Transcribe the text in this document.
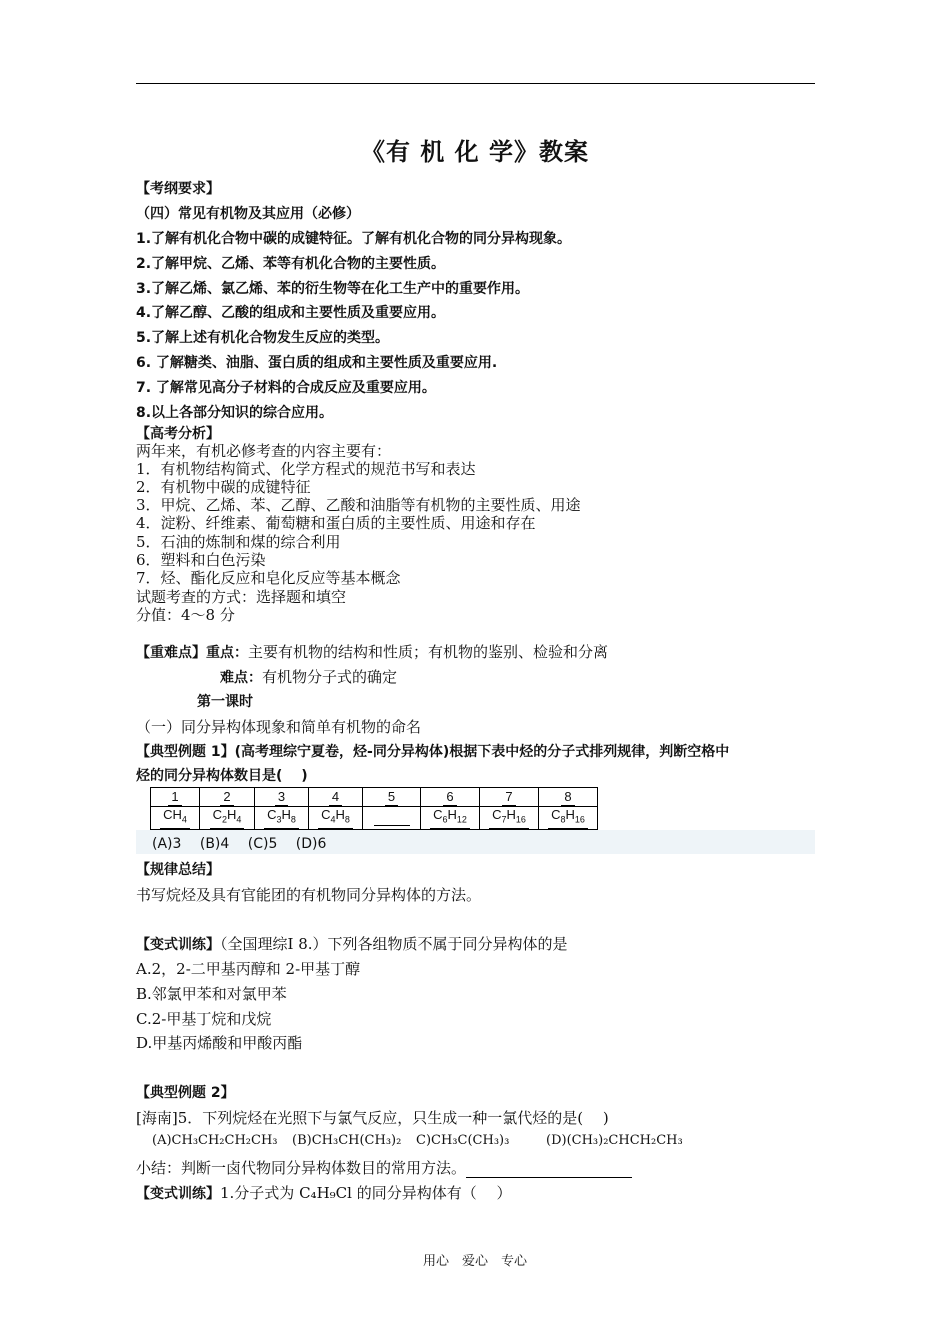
《有 机 化 学》教案
【考纲要求】
（四）常见有机物及其应用（必修）
1.了解有机化合物中碳的成键特征。了解有机化合物的同分异构现象。
2.了解甲烷、乙烯、苯等有机化合物的主要性质。
3.了解乙烯、氯乙烯、苯的衍生物等在化工生产中的重要作用。
4.了解乙醇、乙酸的组成和主要性质及重要应用。
5.了解上述有机化合物发生反应的类型。
6. 了解糖类、油脂、蛋白质的组成和主要性质及重要应用.
7. 了解常见高分子材料的合成反应及重要应用。
8.以上各部分知识的综合应用。
【高考分析】
两年来，有机必修考查的内容主要有：
1．有机物结构简式、化学方程式的规范书写和表达
2．有机物中碳的成键特征
3．甲烷、乙烯、苯、乙醇、乙酸和油脂等有机物的主要性质、用途
4．淀粉、纤维素、葡萄糖和蛋白质的主要性质、用途和存在
5．石油的炼制和煤的综合利用
6．塑料和白色污染
7．烃、酯化反应和皂化反应等基本概念
试题考查的方式：选择题和填空
分值：4～8 分
【重难点】重点：主要有机物的结构和性质；有机物的鉴别、检验和分离
难点：有机物分子式的确定
第一课时
（一）同分异构体现象和简单有机物的命名
【典型例题 1】(高考理综宁夏卷，烃-同分异构体)根据下表中烃的分子式排列规律，判断空格中
烃的同分异构体数目是(　 )
1	2	3	4	5	6	7	8
$CH_4$	$C_2H_4$	$C_3H_8$	$C_4H_8$		$C_6H_{12}$	$C_7H_{16}$	$C_8H_{16}$
(A)3　 (B)4　 (C)5　 (D)6
【规律总结】
书写烷烃及具有官能团的有机物同分异构体的方法。
【变式训练】（全国理综Ⅰ 8.）下列各组物质不属于同分异构体的是
A.2，2-二甲基丙醇和 2-甲基丁醇
B.邻氯甲苯和对氯甲苯
C.2-甲基丁烷和戊烷
D.甲基丙烯酸和甲酸丙酯
【典型例题 2】
[海南]5．下列烷烃在光照下与氯气反应，只生成一种一氯代烃的是(　 )
(A)CH₃CH₂CH₂CH₃ (B)CH₃CH(CH₃)₂ C)CH₃C(CH₃)₃	(D)(CH₃)₂CHCH₂CH₃
小结：判断一卤代物同分异构体数目的常用方法。
【变式训练】1.分子式为 C₄H₉Cl 的同分异构体有（　 ）
用心　爱心　专心
